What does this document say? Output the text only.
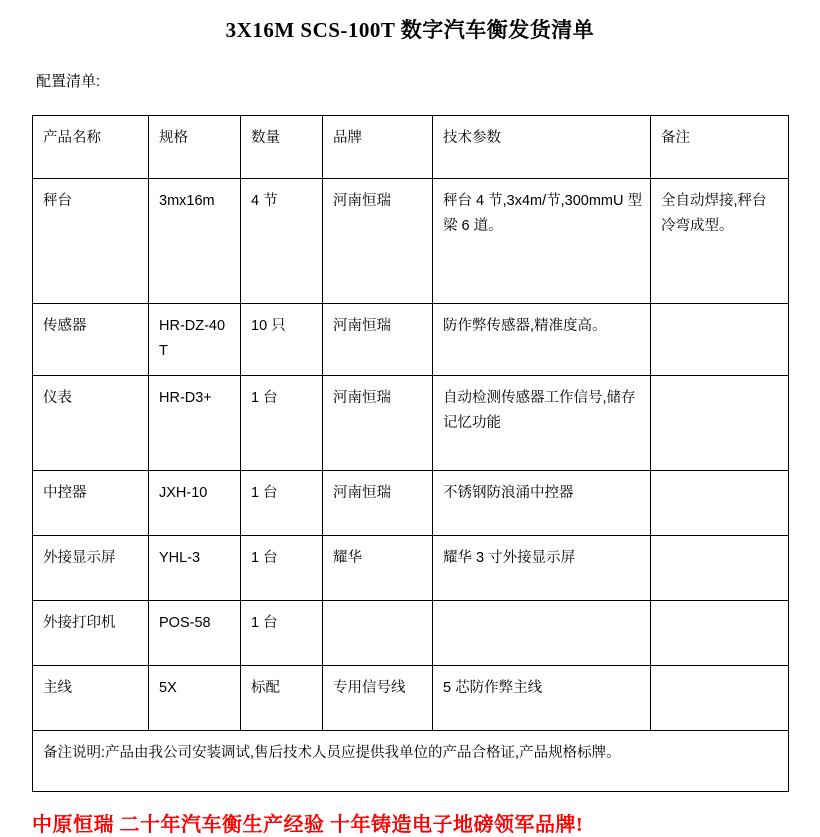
3X16M SCS-100T 数字汽车衡发货清单
配置清单:
产品名称	规格	数量	品牌	技术参数	备注
秤台	3mx16m	4 节	河南恒瑞	秤台 4 节,3x4m/节,300mmU 型梁 6 道。	全自动焊接,秤台冷弯成型。
传感器	HR-DZ-40T	10 只	河南恒瑞	防作弊传感器,精准度高。	
仪表	HR-D3+	1 台	河南恒瑞	自动检测传感器工作信号,储存记忆功能	
中控器	JXH-10	1 台	河南恒瑞	不锈钢防浪涌中控器	
外接显示屏	YHL-3	1 台	耀华	耀华 3 寸外接显示屏	
外接打印机	POS-58	1 台			
主线	5X	标配	专用信号线	5 芯防作弊主线	
备注说明:产品由我公司安装调试,售后技术人员应提供我单位的产品合格证,产品规格标牌。					
中原恒瑞 二十年汽车衡生产经验 十年铸造电子地磅领军品牌!
